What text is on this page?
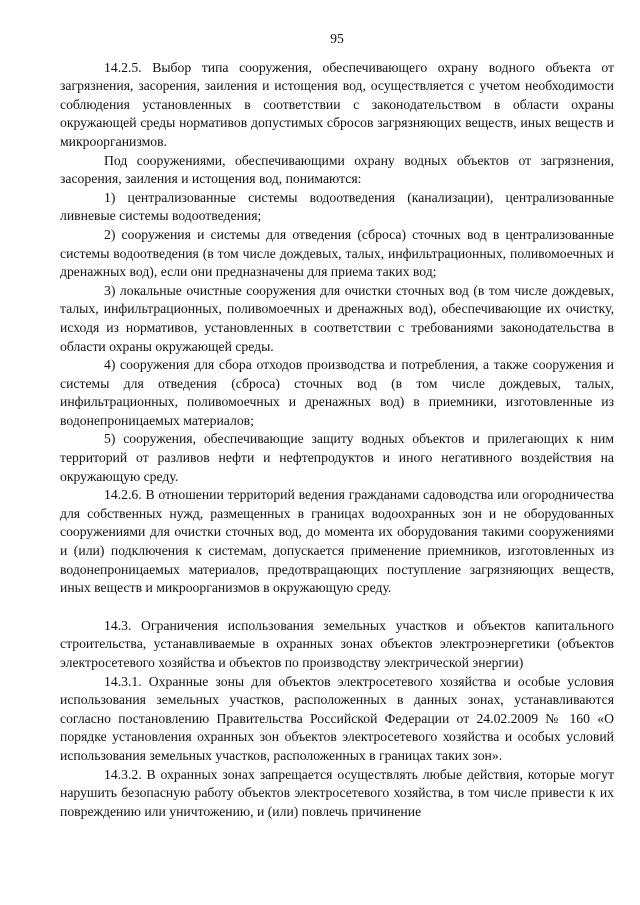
95

14.2.5. Выбор типа сооружения, обеспечивающего охрану водного объекта от загрязнения, засорения, заиления и истощения вод, осуществляется с учетом необходимости соблюдения установленных в соответствии с законодательством в области охраны окружающей среды нормативов допустимых сбросов загрязняющих веществ, иных веществ и микроорганизмов.

Под сооружениями, обеспечивающими охрану водных объектов от загрязнения, засорения, заиления и истощения вод, понимаются:

1) централизованные системы водоотведения (канализации), централизованные ливневые системы водоотведения;

2) сооружения и системы для отведения (сброса) сточных вод в централизованные системы водоотведения (в том числе дождевых, талых, инфильтрационных, поливомоечных и дренажных вод), если они предназначены для приема таких вод;

3) локальные очистные сооружения для очистки сточных вод (в том числе дождевых, талых, инфильтрационных, поливомоечных и дренажных вод), обеспечивающие их очистку, исходя из нормативов, установленных в соответствии с требованиями законодательства в области охраны окружающей среды.

4) сооружения для сбора отходов производства и потребления, а также сооружения и системы для отведения (сброса) сточных вод (в том числе дождевых, талых, инфильтрационных, поливомоечных и дренажных вод) в приемники, изготовленные из водонепроницаемых материалов;

5) сооружения, обеспечивающие защиту водных объектов и прилегающих к ним территорий от разливов нефти и нефтепродуктов и иного негативного воздействия на окружающую среду.

14.2.6. В отношении территорий ведения гражданами садоводства или огородничества для собственных нужд, размещенных в границах водоохранных зон и не оборудованных сооружениями для очистки сточных вод, до момента их оборудования такими сооружениями и (или) подключения к системам, допускается применение приемников, изготовленных из водонепроницаемых материалов, предотвращающих поступление загрязняющих веществ, иных веществ и микроорганизмов в окружающую среду.

14.3. Ограничения использования земельных участков и объектов капитального строительства, устанавливаемые в охранных зонах объектов электроэнергетики (объектов электросетевого хозяйства и объектов по производству электрической энергии)

14.3.1. Охранные зоны для объектов электросетевого хозяйства и особые условия использования земельных участков, расположенных в данных зонах, устанавливаются согласно постановлению Правительства Российской Федерации от 24.02.2009 № 160 «О порядке установления охранных зон объектов электросетевого хозяйства и особых условий использования земельных участков, расположенных в границах таких зон».

14.3.2. В охранных зонах запрещается осуществлять любые действия, которые могут нарушить безопасную работу объектов электросетевого хозяйства, в том числе привести к их повреждению или уничтожению, и (или) повлечь причинение
